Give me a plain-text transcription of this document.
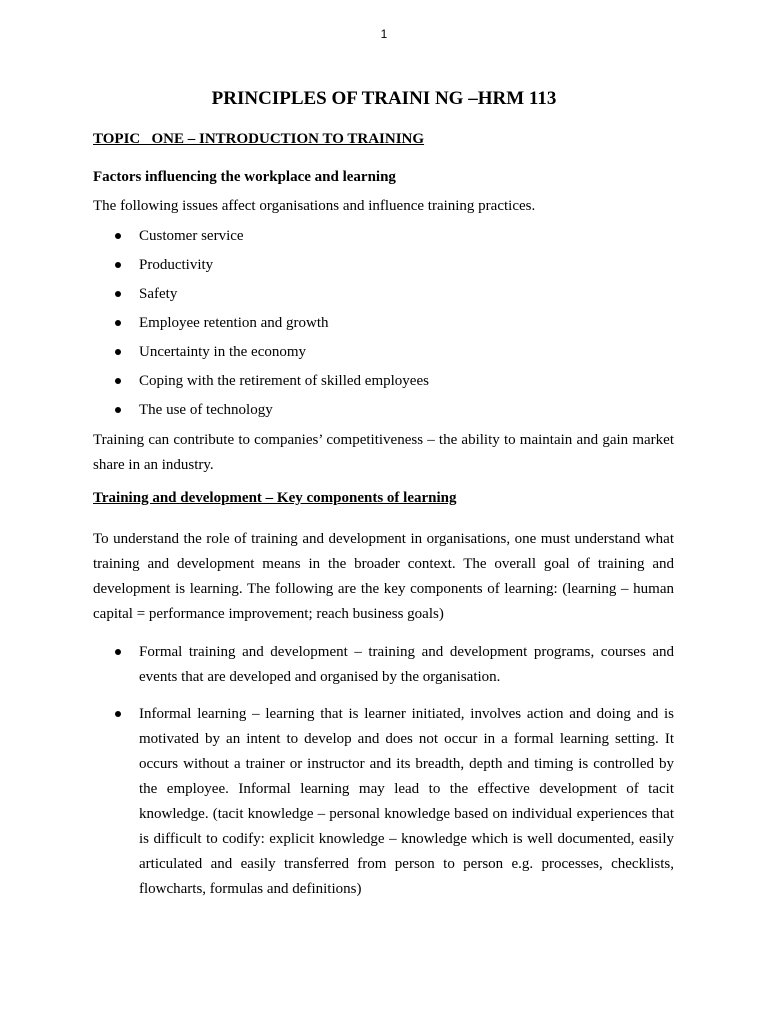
1
PRINCIPLES OF TRAINI NG –HRM 113

TOPIC   ONE – INTRODUCTION TO TRAINING

Factors influencing the workplace and learning

The following issues affect organisations and influence training practices.

Customer service
Productivity
Safety
Employee retention and growth
Uncertainty in the economy
Coping with the retirement of skilled employees
The use of technology

Training can contribute to companies’ competitiveness – the ability to maintain and gain market share in an industry.

Training and development – Key components of learning

To understand the role of training and development in organisations, one must understand what training and development means in the broader context. The overall goal of training and development is learning. The following are the key components of learning: (learning – human capital = performance improvement; reach business goals)

Formal training and development – training and development programs, courses and events that are developed and organised by the organisation.
Informal learning – learning that is learner initiated, involves action and doing and is motivated by an intent to develop and does not occur in a formal learning setting. It occurs without a trainer or instructor and its breadth, depth and timing is controlled by the employee. Informal learning may lead to the effective development of tacit knowledge. (tacit knowledge – personal knowledge based on individual experiences that is difficult to codify: explicit knowledge – knowledge which is well documented, easily articulated and easily transferred from person to person e.g. processes, checklists, flowcharts, formulas and definitions)
